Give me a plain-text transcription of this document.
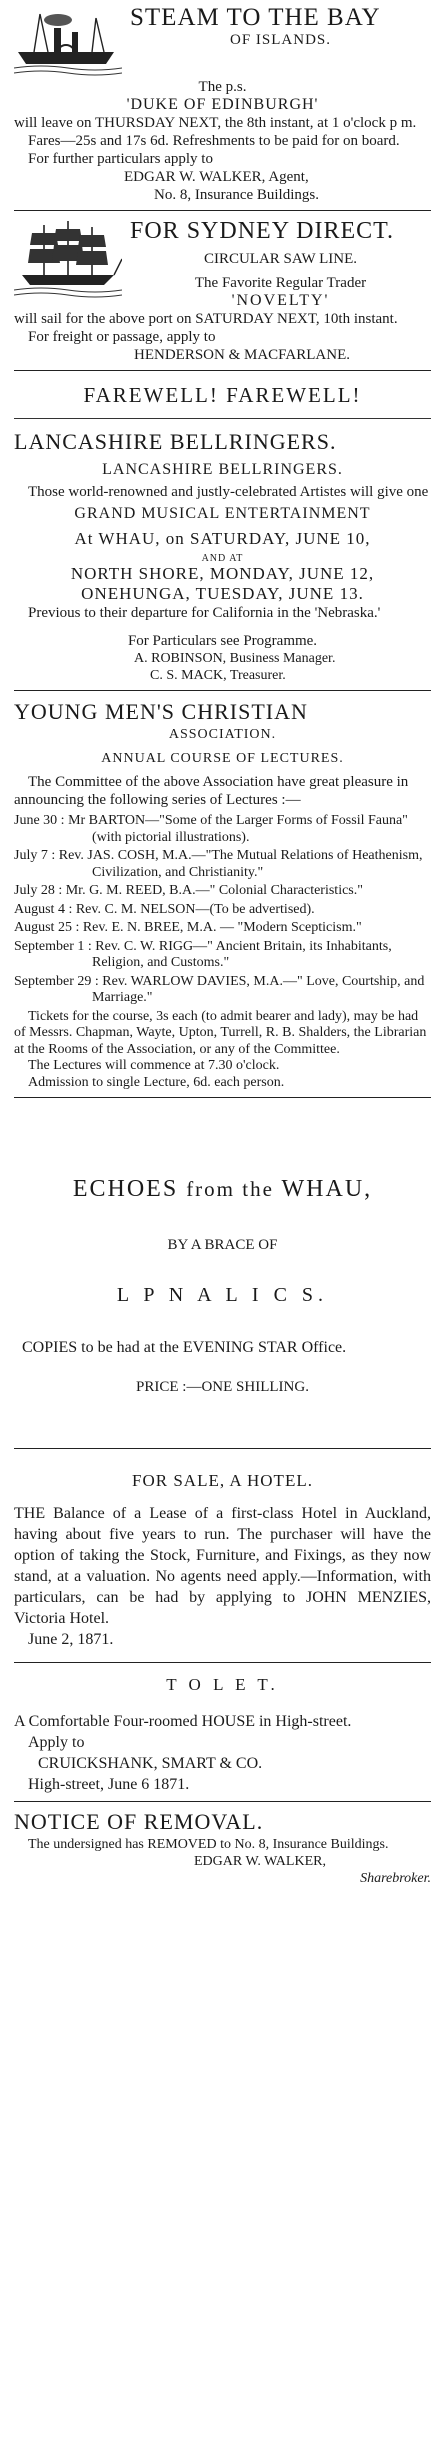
STEAM TO THE BAY

OF ISLANDS.

The p.s.

'DUKE OF EDINBURGH'

will leave on THURSDAY NEXT, the 8th instant, at 1 o'clock p m.

Fares—25s and 17s 6d. Refreshments to be paid for on board.

For further particulars apply to

EDGAR W. WALKER, Agent,

No. 8, Insurance Buildings.

FOR SYDNEY DIRECT.

CIRCULAR SAW LINE.

The Favorite Regular Trader

'NOVELTY'

will sail for the above port on SATURDAY NEXT, 10th instant.

For freight or passage, apply to

HENDERSON & MACFARLANE.

FAREWELL! FAREWELL!

LANCASHIRE BELLRINGERS.

LANCASHIRE BELLRINGERS.

Those world-renowned and justly-celebrated Artistes will give one

GRAND MUSICAL ENTERTAINMENT

At WHAU, on SATURDAY, JUNE 10,

AND AT

NORTH SHORE, MONDAY, JUNE 12,

ONEHUNGA, TUESDAY, JUNE 13.

Previous to their departure for California in the 'Nebraska.'

For Particulars see Programme.

A. ROBINSON, Business Manager.

C. S. MACK, Treasurer.

YOUNG MEN'S CHRISTIAN

ASSOCIATION.

ANNUAL COURSE OF LECTURES.

The Committee of the above Association have great pleasure in announcing the following series of Lectures :—

June 30 : Mr BARTON—"Some of the Larger Forms of Fossil Fauna" (with pictorial illustrations).
July 7 : Rev. JAS. COSH, M.A.—"The Mutual Relations of Heathenism, Civilization, and Christianity."
July 28 : Mr. G. M. REED, B.A.—" Colonial Characteristics."
August 4 : Rev. C. M. NELSON—(To be advertised).
August 25 : Rev. E. N. BREE, M.A. — "Modern Scepticism."
September 1 : Rev. C. W. RIGG—" Ancient Britain, its Inhabitants, Religion, and Customs."
September 29 : Rev. WARLOW DAVIES, M.A.—" Love, Courtship, and Marriage."

Tickets for the course, 3s each (to admit bearer and lady), may be had of Messrs. Chapman, Wayte, Upton, Turrell, R. B. Shalders, the Librarian at the Rooms of the Association, or any of the Committee.

The Lectures will commence at 7.30 o'clock.

Admission to single Lecture, 6d. each person.

ECHOES from the WHAU,

BY A BRACE OF

L P N A L I C S.

COPIES to be had at the EVENING STAR Office.

PRICE :—ONE SHILLING.

FOR SALE, A HOTEL.

THE Balance of a Lease of a first-class Hotel in Auckland, having about five years to run. The purchaser will have the option of taking the Stock, Furniture, and Fixings, as they now stand, at a valuation. No agents need apply.—Information, with particulars, can be had by applying to JOHN MENZIES, Victoria Hotel.

June 2, 1871.

T O L E T.

A Comfortable Four-roomed HOUSE in High-street.

Apply to

CRUICKSHANK, SMART & CO.

High-street, June 6 1871.

NOTICE OF REMOVAL.

The undersigned has REMOVED to No. 8, Insurance Buildings.

EDGAR W. WALKER,

Sharebroker.
